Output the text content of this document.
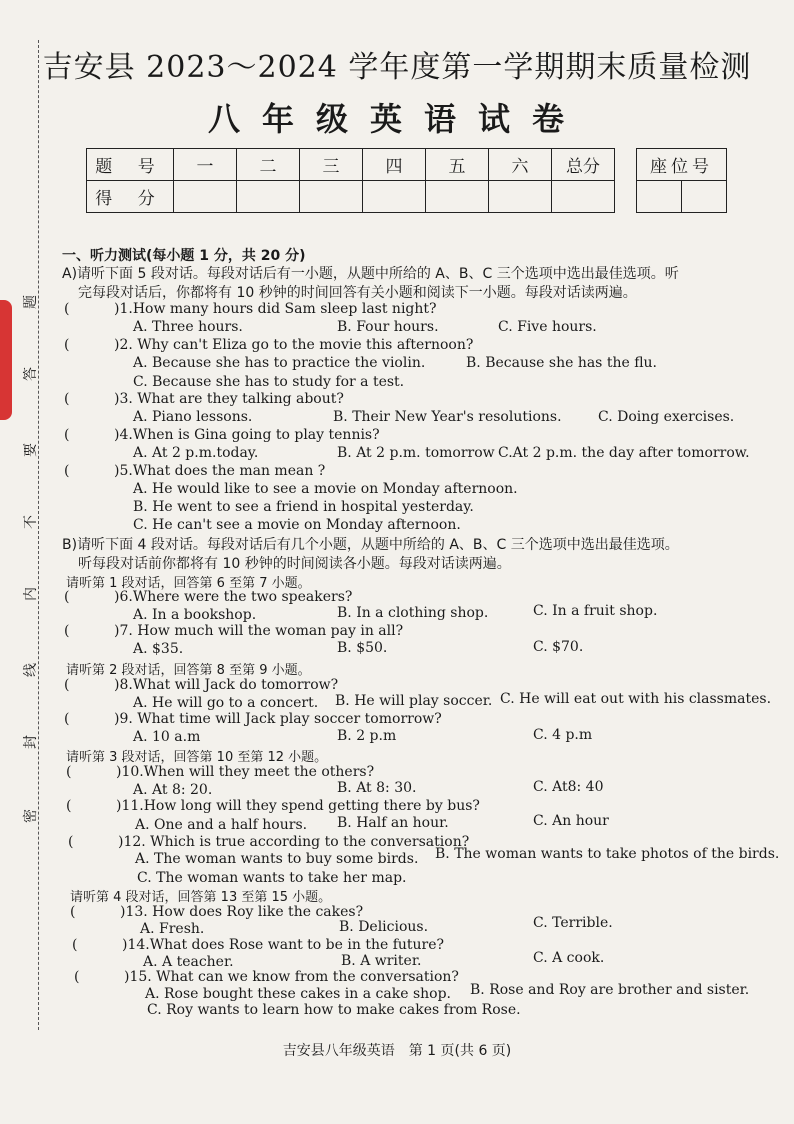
题
答
要
不
内
线
封
密
吉安县 2023～2024 学年度第一学期期末质量检测
八年级英语试卷
题 号	一	二	三	四	五	六	总分
得 分							
座位号

一、听力测试(每小题 1 分，共 20 分)
A)请听下面 5 段对话。每段对话后有一小题，从题中所给的 A、B、C 三个选项中选出最佳选项。听
完每段对话后，你都将有 10 秒钟的时间回答有关小题和阅读下一小题。每段对话读两遍。
(	)1.How many hours did Sam sleep last night?
A. Three hours.	B. Four hours.	C. Five hours.
(	)2. Why can't Eliza go to the movie this afternoon?
A. Because she has to practice the violin.	B. Because she has the flu.
C. Because she has to study for a test.
(	)3. What are they talking about?
A. Piano lessons.	B. Their New Year's resolutions.	C. Doing exercises.
(	)4.When is Gina going to play tennis?
A. At 2 p.m.today.	B. At 2 p.m. tomorrow C.At 2 p.m. the day after tomorrow.
(	)5.What does the man mean ?
A. He would like to see a movie on Monday afternoon.
B. He went to see a friend in hospital yesterday.
C. He can't see a movie on Monday afternoon.
B)请听下面 4 段对话。每段对话后有几个小题，从题中所给的 A、B、C 三个选项中选出最佳选项。
听每段对话前你都将有 10 秒钟的时间阅读各小题。每段对话读两遍。
请听第 1 段对话，回答第 6 至第 7 小题。
(	)6.Where were the two speakers?
A. In a bookshop.	B. In a clothing shop.	C. In a fruit shop.
(	)7. How much will the woman pay in all?
A. $35.	B. $50.	C. $70.
请听第 2 段对话，回答第 8 至第 9 小题。
(	)8.What will Jack do tomorrow?
A. He will go to a concert. B. He will play soccer. C. He will eat out with his classmates.
(	)9. What time will Jack play soccer tomorrow?
A. 10 a.m	B. 2 p.m	C. 4 p.m
请听第 3 段对话，回答第 10 至第 12 小题。
(	)10.When will they meet the others?
A. At 8: 20.	B. At 8: 30.	C. At8: 40
(	)11.How long will they spend getting there by bus?
A. One and a half hours. B. Half an hour.	C. An hour
(	)12. Which is true according to the conversation?
A. The woman wants to buy some birds. B. The woman wants to take photos of the birds.
C. The woman wants to take her map.
请听第 4 段对话，回答第 13 至第 15 小题。
(	)13. How does Roy like the cakes?
A. Fresh.	B. Delicious.	C. Terrible.
(	)14.What does Rose want to be in the future?
A. A teacher.	B. A writer.	C. A cook.
(	)15. What can we know from the conversation?
A. Rose bought these cakes in a cake shop. B. Rose and Roy are brother and sister.
C. Roy wants to learn how to make cakes from Rose.
吉安县八年级英语　第 1 页(共 6 页)
